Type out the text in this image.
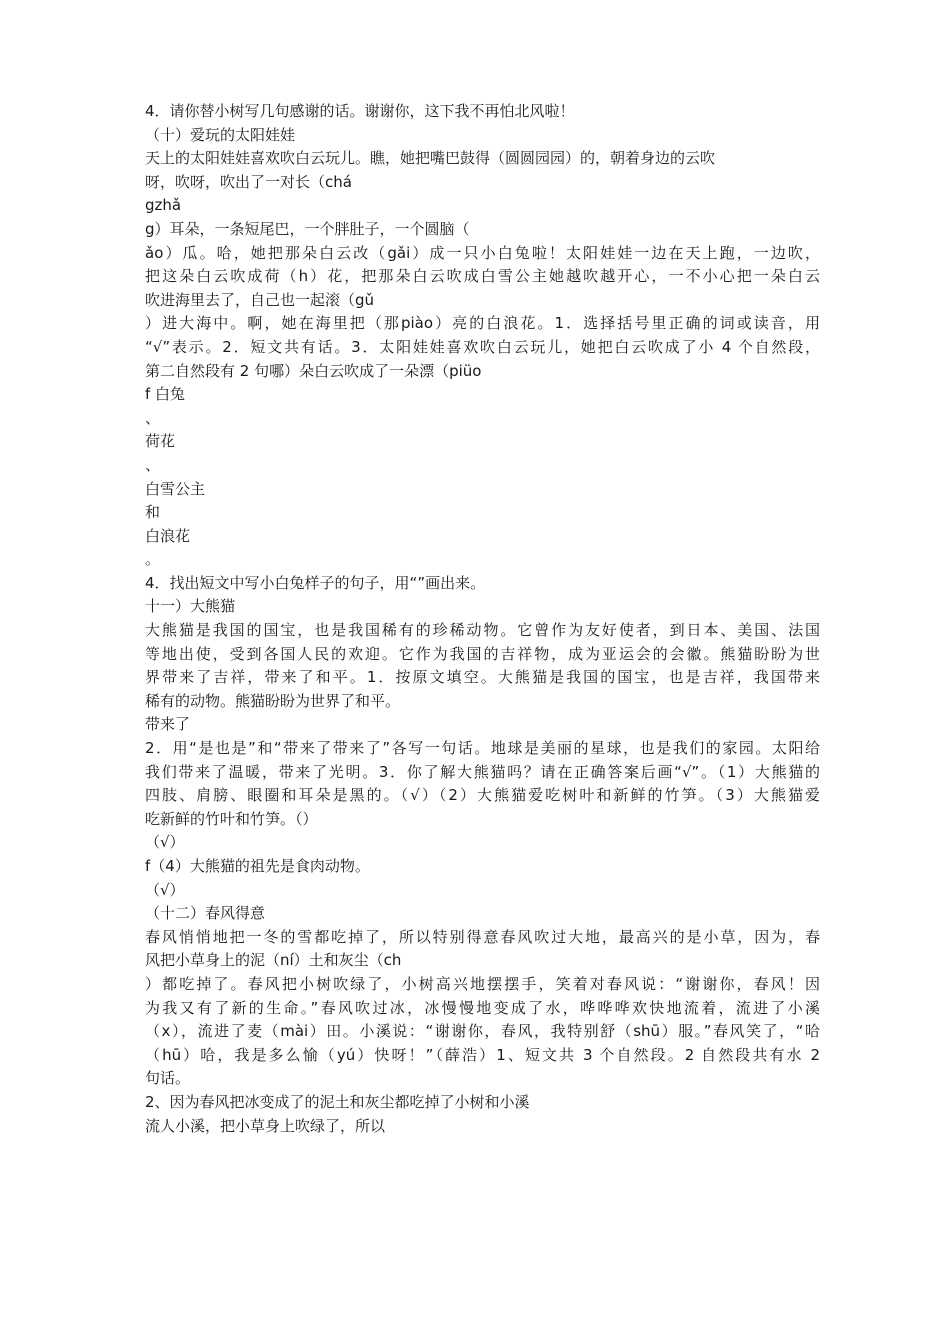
4．请你替小树写几句感谢的话。谢谢你，这下我不再怕北风啦！
（十）爱玩的太阳娃娃
天上的太阳娃娃喜欢吹白云玩儿。瞧，她把嘴巴鼓得（圆圆园园）的，朝着身边的云吹
呀，吹呀，吹出了一对长（chá
gzhǎ
g）耳朵，一条短尾巴，一个胖肚子，一个圆脑（
ǎo）瓜。哈，她把那朵白云改（gǎi）成一只小白兔啦！太阳娃娃一边在天上跑，一边吹，
把这朵白云吹成荷（h）花，把那朵白云吹成白雪公主她越吹越开心，一不小心把一朵白云
吹进海里去了，自己也一起滚（gǔ
）进大海中。啊，她在海里把（那piào）亮的白浪花。1．选择括号里正确的词或读音，用
“√”表示。2．短文共有话。3．太阳娃娃喜欢吹白云玩儿，她把白云吹成了小 4 个自然段，
第二自然段有 2 句哪）朵白云吹成了一朵漂（piüo
f 白兔
、
荷花
、
白雪公主
和
白浪花
。
4．找出短文中写小白兔样子的句子，用“”画出来。
十一）大熊猫
大熊猫是我国的国宝，也是我国稀有的珍稀动物。它曾作为友好使者，到日本、美国、法国
等地出使，受到各国人民的欢迎。它作为我国的吉祥物，成为亚运会的会徽。熊猫盼盼为世
界带来了吉祥，带来了和平。1．按原文填空。大熊猫是我国的国宝，也是吉祥，我国带来
稀有的动物。熊猫盼盼为世界了和平。
带来了
2．用“是也是”和“带来了带来了”各写一句话。地球是美丽的星球，也是我们的家园。太阳给
我们带来了温暖，带来了光明。3．你了解大熊猫吗？请在正确答案后画“√”。（1）大熊猫的
四肢、肩膀、眼圈和耳朵是黑的。（√）（2）大熊猫爱吃树叶和新鲜的竹笋。（3）大熊猫爱
吃新鲜的竹叶和竹笋。（）
（√）
f（4）大熊猫的祖先是食肉动物。
（√）
（十二）春风得意
春风悄悄地把一冬的雪都吃掉了，所以特别得意春风吹过大地，最高兴的是小草，因为，春
风把小草身上的泥（ní）土和灰尘（ch
）都吃掉了。春风把小树吹绿了，小树高兴地摆摆手，笑着对春风说：“谢谢你，春风！因
为我又有了新的生命。”春风吹过冰，冰慢慢地变成了水，哗哗哗欢快地流着，流进了小溪
（x），流进了麦（mài）田。小溪说：“谢谢你，春风，我特别舒（shū）服。”春风笑了，“哈
（hū）哈，我是多么愉（yú）快呀！”（薛浩）1、短文共 3 个自然段。2 自然段共有水 2
句话。
2、因为春风把冰变成了的泥土和灰尘都吃掉了小树和小溪
流人小溪，把小草身上吹绿了，所以
